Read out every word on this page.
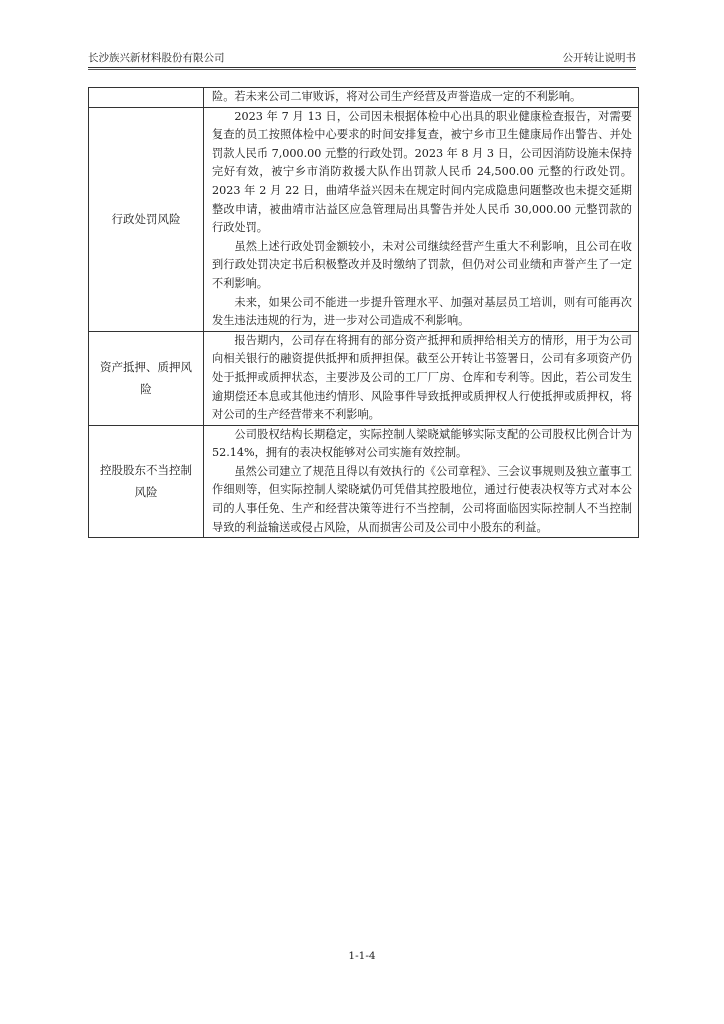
长沙族兴新材料股份有限公司	公开转让说明书

	险。若未来公司二审败诉，将对公司生产经营及声誉造成一定的不利影响。

行政处罚风险	2023 年 7 月 13 日，公司因未根据体检中心出具的职业健康检查报告，对需要复查的员工按照体检中心要求的时间安排复查，被宁乡市卫生健康局作出警告、并处罚款人民币 7,000.00 元整的行政处罚。2023 年 8 月 3 日，公司因消防设施未保持完好有效，被宁乡市消防救援大队作出罚款人民币 24,500.00 元整的行政处罚。2023 年 2 月 22 日，曲靖华益兴因未在规定时间内完成隐患问题整改也未提交延期整改申请，被曲靖市沾益区应急管理局出具警告并处人民币 30,000.00 元整罚款的行政处罚。

虽然上述行政处罚金额较小，未对公司继续经营产生重大不利影响，且公司在收到行政处罚决定书后积极整改并及时缴纳了罚款，但仍对公司业绩和声誉产生了一定不利影响。

未来，如果公司不能进一步提升管理水平、加强对基层员工培训，则有可能再次发生违法违规的行为，进一步对公司造成不利影响。

资产抵押、质押风险	报告期内，公司存在将拥有的部分资产抵押和质押给相关方的情形，用于为公司向相关银行的融资提供抵押和质押担保。截至公开转让书签署日，公司有多项资产仍处于抵押或质押状态，主要涉及公司的工厂厂房、仓库和专利等。因此，若公司发生逾期偿还本息或其他违约情形、风险事件导致抵押或质押权人行使抵押或质押权，将对公司的生产经营带来不利影响。

控股股东不当控制风险	公司股权结构长期稳定，实际控制人梁晓斌能够实际支配的公司股权比例合计为 52.14%，拥有的表决权能够对公司实施有效控制。

虽然公司建立了规范且得以有效执行的《公司章程》、三会议事规则及独立董事工作细则等，但实际控制人梁晓斌仍可凭借其控股地位，通过行使表决权等方式对本公司的人事任免、生产和经营决策等进行不当控制，公司将面临因实际控制人不当控制导致的利益输送或侵占风险，从而损害公司及公司中小股东的利益。

1-1-4
